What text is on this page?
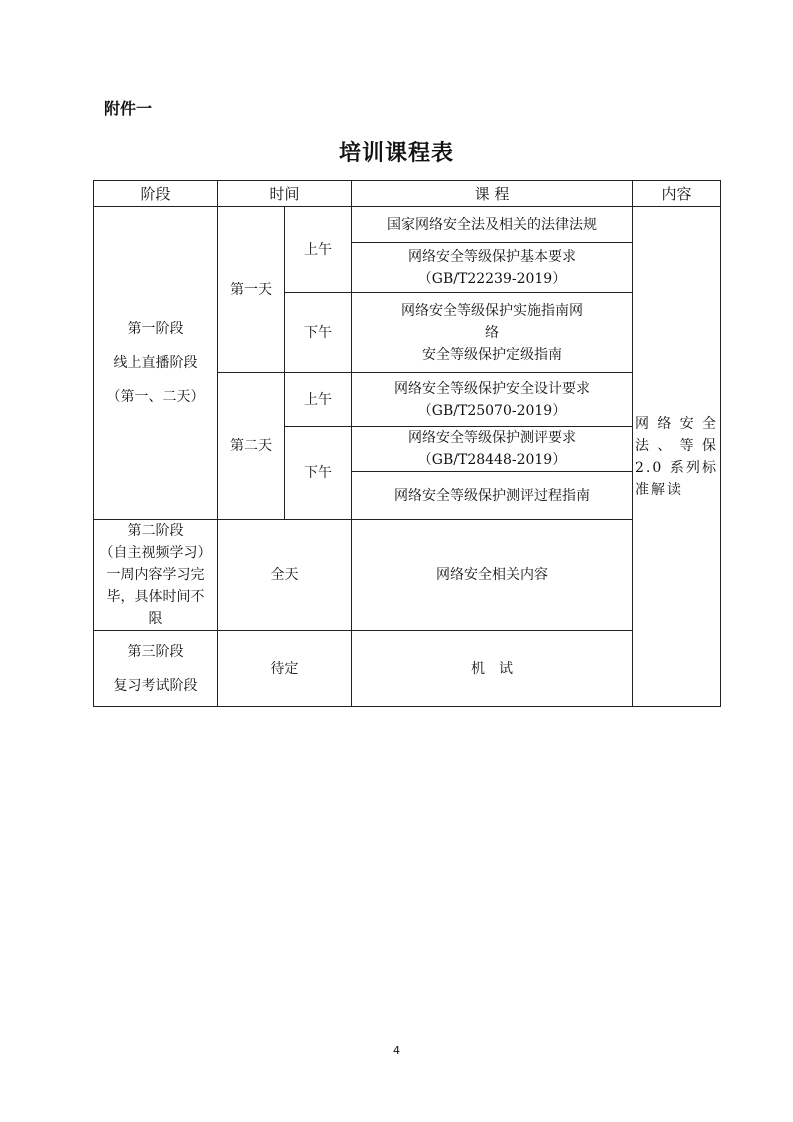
附件一
培训课程表
阶段	时间		课 程	内容

第一阶段
线上直播阶段
（第一、二天）	第一天	上午	国家网络安全法及相关的法律法规	网络安全法、等保 2.0 系列标准解读

			网络安全等级保护基本要求
（GB/T22239-2019）	

		下午	网络安全等级保护实施指南网
络
安全等级保护定级指南	

	第二天	上午	网络安全等级保护安全设计要求
（GB/T25070-2019）	

		下午	网络安全等级保护测评要求
（GB/T28448-2019）	

			网络安全等级保护测评过程指南	

第二阶段
（自主视频学习）
一周内容学习完
毕，具体时间不
限	全天		网络安全相关内容	

第三阶段
复习考试阶段	待定		机　试	
4
